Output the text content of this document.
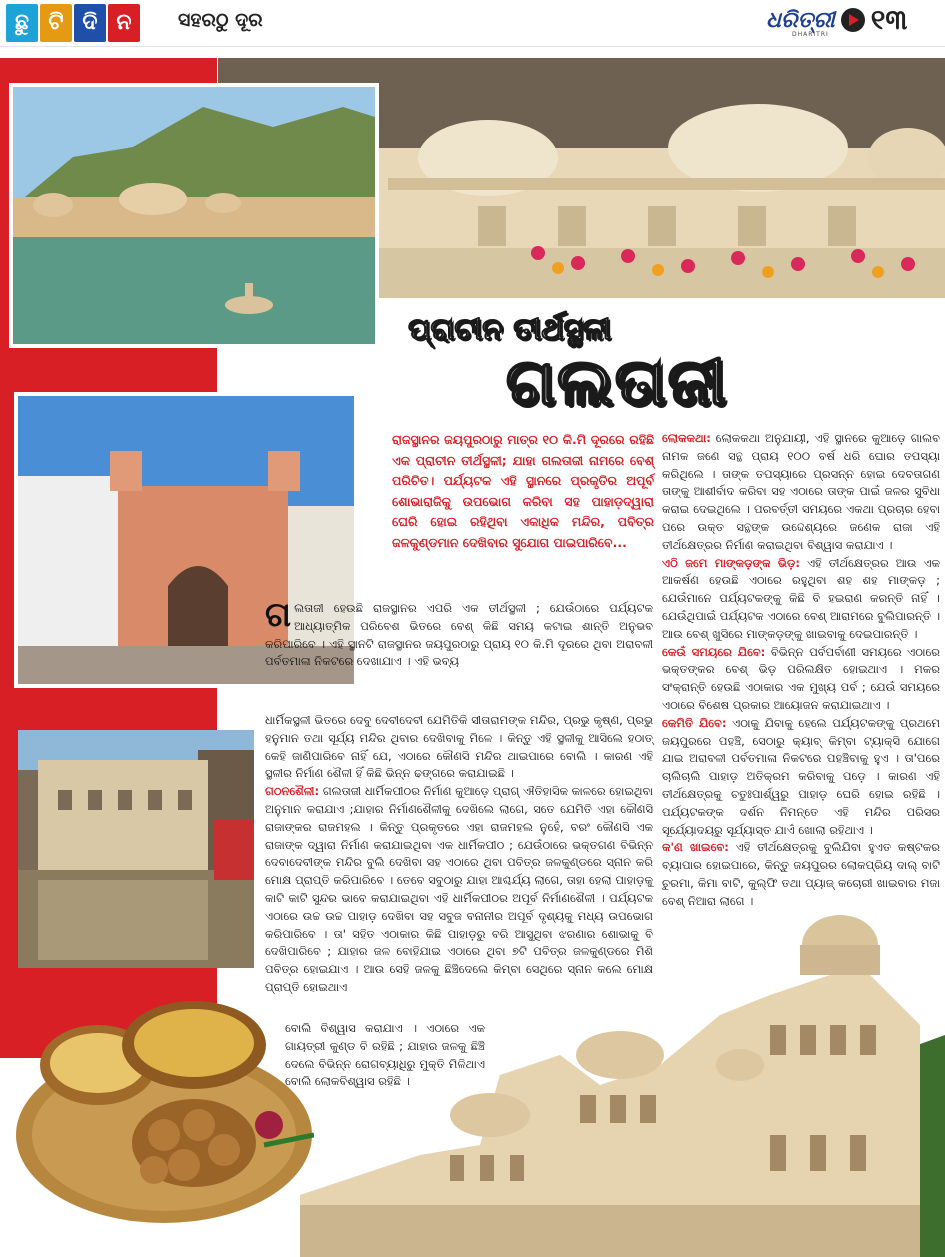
ଛୁ ଟି ଦି ନ	ସହରଠୁ ଦୂର	ଧରିତ୍ରୀ
DHARITRI ୧୩
ପ୍ରାଚୀନ ତୀର୍ଥସ୍ଥଳୀ
ଗଲତାଜୀ
ରାଜସ୍ଥାନର ଜୟପୁରଠାରୁ ମାତ୍ର ୧୦ କି.ମି ଦୂରରେ ରହିଛି ଏକ ପ୍ରାଚୀନ ତୀର୍ଥସ୍ଥଳୀ; ଯାହା ଗଲତାଜୀ ନାମରେ ବେଶ୍ ପରିଚିତ। ପର୍ଯ୍ୟଟକ ଏହି ସ୍ଥାନରେ ପ୍ରକୃତିର ଅପୂର୍ବ ଶୋଭାରାଜିକୁ ଉପଭୋଗ କରିବା ସହ ପାହାଡ଼ଦ୍ୱାରା ଘେରି ହୋଇ ରହିଥିବା ଏକାଧିକ ମନ୍ଦିର, ପବିତ୍ର ଜଳକୁଣ୍ଡମାନ ଦେଖିବାର ସୁଯୋଗ ପାଇପାରିବେ...
ଗଲତାଜୀ ହେଉଛି ରାଜସ୍ଥାନର ଏପରି ଏକ ତୀର୍ଥସ୍ଥଳୀ ; ଯେଉଁଠାରେ ପର୍ଯ୍ୟଟକ ଆଧ୍ୟାତ୍ମିକ ପରିବେଶ ଭିତରେ ବେଶ୍ କିଛି ସମୟ କଟାଇ ଶାନ୍ତି ଅନୁଭବ କରିପାରିବେ । ଏହି ସ୍ଥାନଟି ରାଜସ୍ଥାନର ଜୟପୁରଠାରୁ ପ୍ରାୟ ୧୦ କି.ମି ଦୂରରେ ଥିବା ଅରାବଳୀ ପର୍ବତମାଳା ନିକଟରେ ଦେଖାଯାଏ । ଏହି ଭବ୍ୟ
ଧାର୍ମିକସ୍ଥଳୀ ଭିତରେ ଦେବୁ ଦେବୀଦେବୀ ଯେମିତିକି ସୀତାରାମଙ୍କ ମନ୍ଦିର, ପ୍ରଭୁ କୃଷ୍ଣ, ପ୍ରଭୁ ହନୁମାନ ତଥା ସୂର୍ଯ୍ୟ ମନ୍ଦିର ଥିବାର ଦେଖିବାକୁ ମିଳେ । କିନ୍ତୁ ଏହି ସ୍ଥଳୀକୁ ଆସିଲେ ହଠାତ୍ କେହି ଜାଣିପାରିବେ ନାହିଁ ଯେ, ଏଠାରେ କୌଣସି ମନ୍ଦିର ଥାଇପାରେ ବୋଲି । କାରଣ ଏହି ସ୍ଥଳୀର ନିର୍ମାଣ ଶୈଳୀ ହିଁ କିଛି ଭିନ୍ନ ଢଙ୍ଗରେ କରାଯାଇଛି ।
ଗଠନଶୈଳୀ: ଗଲତାଜୀ ଧାର୍ମିକପୀଠର ନିର୍ମାଣ କୁଆଡ଼େ ପ୍ରାଗ୍ ଐତିହାସିକ କାଳରେ ହୋଇଥିବା ଅନୁମାନ କରାଯାଏ ;ଯାହାର ନିର୍ମାଣଶୈଳୀକୁ ଦେଖିଲେ ଲାଗେ, ସତେ ଯେମିତି ଏହା କୌଣସି ରାଜାଙ୍କର ରାଜମହଲ । କିନ୍ତୁ ପ୍ରକୃତରେ ଏହା ରାଜମହଲ ନୁହେଁ, ବରଂ କୌଣସି ଏକ ରାଜାଙ୍କ ଦ୍ୱାରା ନିର୍ମାଣ କରାଯାଇଥିବା ଏକ ଧାର୍ମିକପୀଠ ; ଯେଉଁଠାରେ ଭକ୍ତଗଣ ବିଭିନ୍ନ ଦେବାଦେବୀଙ୍କ ମନ୍ଦିର ବୁଲି ଦେଖିବା ସହ ଏଠାରେ ଥିବା ପବିତ୍ର ଜଳକୁଣ୍ଡରେ ସ୍ନାନ କରି ମୋକ୍ଷ ପ୍ରାପ୍ତି କରିପାରିବେ । ତେବେ ସବୁଠାରୁ ଯାହା ଆଶ୍ଚର୍ଯ୍ୟ ଲାଗେ, ତାହା ହେଲା ପାହାଡ଼କୁ କାଟି କାଟି ସୁନ୍ଦର ଭାବେ କରାଯାଇଥିବା ଏହି ଧାର୍ମିକପୀଠର ଅପୂର୍ବ ନିର୍ମାଣଶୈଳୀ । ପର୍ଯ୍ୟଟକ ଏଠାରେ ଉଚ୍ଚ ଉଚ୍ଚ ପାହାଡ଼ ଦେଖିବା ସହ ସବୁଜ ବନାନୀର ଅପୂର୍ବ ଦୃଶ୍ୟକୁ ମଧ୍ୟ ଉପଭୋଗ କରିପାରିବେ । ତା' ସହିତ ଏଠାକାର କିଛି ପାହାଡ଼ରୁ ବରି ଆସୁଥିବା ଝରଣାର ଶୋଭାକୁ ବି ଦେଖିପାରିବେ ; ଯାହାର ଜଳ ବୋହିଯାଇ ଏଠାରେ ଥିବା ୭ଟି ପବିତ୍ର ଜଳକୁଣ୍ଡରେ ମିଶି ପବିତ୍ର ହୋଇଯାଏ । ଆଉ ସେହି ଜଳକୁ ଛିଞ୍ଚିଦେଲେ କିମ୍ବା ସେଥିରେ ସ୍ନାନ କଲେ ମୋକ୍ଷ ପ୍ରାପ୍ତି ହୋଇଥାଏ
ବୋଲି ବିଶ୍ୱାସ କରାଯାଏ । ଏଠାରେ ଏକ ଗାୟତ୍ରୀ କୁଣ୍ଡ ବି ରହିଛି ; ଯାହାର ଜଳକୁ ଛିଞ୍ଚି ଦେଲେ ବିଭିନ୍ନ ରୋଗବ୍ୟାଧିରୁ ମୁକ୍ତି ମିଳିଥାଏ ବୋଲି ଲୋକବିଶ୍ୱାସ ରହିଛି ।
ଲୋକକଥା: ଲୋକକଥା ଅନୁଯାୟୀ, ଏହି ସ୍ଥାନରେ କୁଆଡ଼େ ଗାଲବ ନାମକ ଜଣେ ସନ୍ଥ ପ୍ରାୟ ୧୦୦ ବର୍ଷ ଧରି ଘୋର ତପସ୍ୟା କରିଥିଲେ । ତାଙ୍କ ତପସ୍ୟାରେ ପ୍ରସନ୍ନ ହୋଇ ଦେବତାଗଣ ତାଙ୍କୁ ଆଶୀର୍ବାଦ କରିବା ସହ ଏଠାରେ ତାଙ୍କ ପାଇଁ ଜଳର ସୁବିଧା କରାଇ ଦେଇଥିଲେ । ପରବର୍ତ୍ତୀ ସମୟରେ ଏକଥା ପ୍ରଚାର ହେବା ପରେ ଉକ୍ତ ସନ୍ଥଙ୍କ ଉଦ୍ଦେଶ୍ୟରେ ଜଣେକ ରାଜା ଏହି ତୀର୍ଥକ୍ଷେତ୍ରର ନିର୍ମାଣ କରାଇଥିବା ବିଶ୍ୱାସ କରାଯାଏ ।
ଏଠି ଜମେ ମାଙ୍କଡ଼ଙ୍କ ଭିଡ଼: ଏହି ତୀର୍ଥକ୍ଷେତ୍ରର ଆଉ ଏକ ଆକର୍ଷଣ ହେଉଛି ଏଠାରେ ରହୁଥିବା ଶହ ଶହ ମାଙ୍କଡ଼ ; ଯେଉଁମାନେ ପର୍ଯ୍ୟଟକଙ୍କୁ କିଛି ବି ହଇରାଣ କରନ୍ତି ନାହିଁ । ଯେଉଁଥିପାଇଁ ପର୍ଯ୍ୟଟକ ଏଠାରେ ବେଶ୍ ଆରାମରେ ବୁଲିପାରନ୍ତି । ଆଉ ବେଶ୍ ଖୁସିରେ ମାଙ୍କଡ଼ଙ୍କୁ ଖାଇବାକୁ ଦେଇପାରନ୍ତି ।
କେଉଁ ସମୟରେ ଯିବେ: ବିଭିନ୍ନ ପର୍ବପର୍ବାଣୀ ସମୟରେ ଏଠାରେ ଭକ୍ତଙ୍କର ବେଶ୍ ଭିଡ଼ ପରିଲକ୍ଷିତ ହୋଇଥାଏ । ମକର ସଂକ୍ରାନ୍ତି ହେଉଛି ଏଠାକାର ଏକ ମୁଖ୍ୟ ପର୍ବ ; ଯେଉଁ ସମୟରେ ଏଠାରେ ବିଶେଷ ପ୍ରକାର ଆୟୋଜନ କରାଯାଇଥାଏ ।
କେମିତି ଯିବେ: ଏଠାକୁ ଯିବାକୁ ହେଲେ ପର୍ଯ୍ୟଟକଙ୍କୁ ପ୍ରଥମେ ଜୟପୁରରେ ପହଞ୍ଚି, ସେଠାରୁ କ୍ୟାବ୍ କିମ୍ବା ଟ୍ୟାକ୍ସି ଯୋଗେ ଯାଇ ଅରାବଳୀ ପର୍ବତମାଳା ନିକଟରେ ପହଞ୍ଚିବାକୁ ହୁଏ । ତା'ପରେ ଚାଲିଚାଲି ପାହାଡ଼ ଅତିକ୍ରମ କରିବାକୁ ପଡ଼େ । କାରଣ ଏହି ତୀର୍ଥକ୍ଷେତ୍ରକୁ ଚତୁଃପାର୍ଶ୍ୱରୁ ପାହାଡ଼ ଘେରି ହୋଇ ରହିଛି । ପର୍ଯ୍ୟଟକଙ୍କ ଦର୍ଶନ ନିମନ୍ତେ ଏହି ମନ୍ଦିର ପରିସର ସୂର୍ଯ୍ୟୋଦୟରୁ ସୂର୍ଯ୍ୟାସ୍ତ ଯାଏଁ ଖୋଲା ରହିଥାଏ ।
କ'ଣ ଖାଇବେ: ଏହି ତୀର୍ଥକ୍ଷେତ୍ରକୁ ବୁଲିଯିବା ହୁଏତ କଷ୍ଟକର ବ୍ୟାପାର ହୋଇପାରେ, କିନ୍ତୁ ଜୟପୁରର ଲୋକପ୍ରିୟ ଦାଲ୍ ବାଟି ଚୁରମା, କିମା ବାଟି, କୁଲ୍ଫି ତଥା ପ୍ୟାଜ୍ କଚୋରୀ ଖାଇବାର ମଜା ବେଶ୍ ନିଆରା ଲାଗେ ।
